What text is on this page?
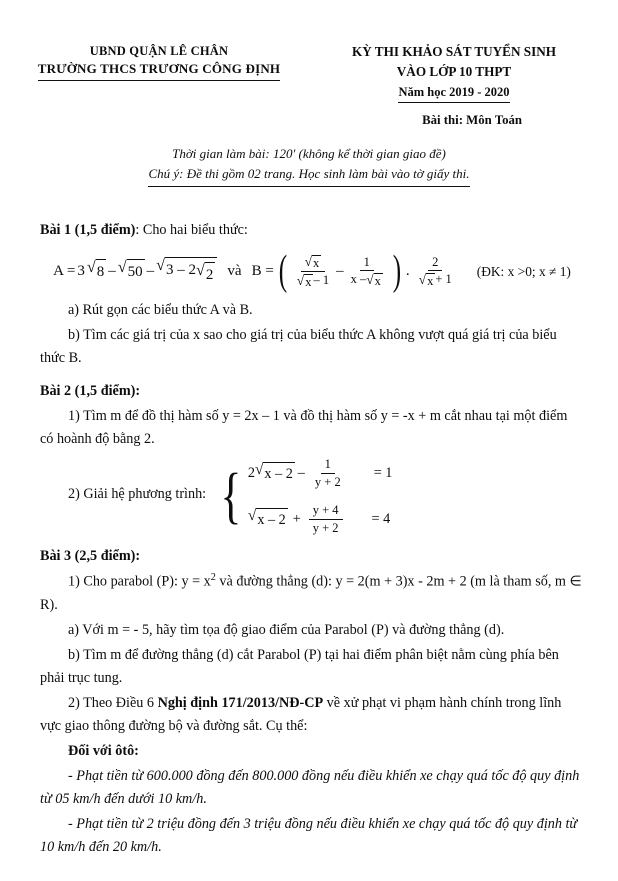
UBND QUẬN LÊ CHÂN
TRƯỜNG THCS TRƯƠNG CÔNG ĐỊNH
KỲ THI KHẢO SÁT TUYỂN SINH
VÀO LỚP 10 THPT
Năm học 2019 - 2020
Bài thi: Môn Toán
Thời gian làm bài: 120' (không kể thời gian giao đề)
Chú ý: Đề thi gồm 02 trang. Học sinh làm bài vào tờ giấy thi.
Bài 1 (1,5 điểm): Cho hai biểu thức:
A = 3 √ 8 – √ 50 – √ 3 – 2 √ 2 và B = ( $\frac{√ x}{√ x - 1} - \frac{1}{x - √ x}$ ) . $\frac{2}{√ x + 1}$ (ĐK: x >0; x ≠ 1)
a) Rút gọn các biểu thức A và B.
b) Tìm các giá trị của x sao cho giá trị của biểu thức A không vượt quá giá trị của biểu thức B.
Bài 2 (1,5 điểm):
1) Tìm m để đồ thị hàm số y = 2x – 1 và đồ thị hàm số y = -x + m cắt nhau tại một điểm có hoành độ bằng 2.
2) Giải hệ phương trình: { 2 √ $x - 2 - \frac{1}{y + 2} = 1$
√ $x - 2 + \frac{y + 4}{y + 2} = 4$
Bài 3 (2,5 điểm):
1) Cho parabol (P): $y = x^2$ và đường thẳng (d): y = 2(m + 3)x - 2m + 2 (m là tham số, m ∈ R).
a) Với m = - 5, hãy tìm tọa độ giao điểm của Parabol (P) và đường thẳng (d).
b) Tìm m để đường thẳng (d) cắt Parabol (P) tại hai điểm phân biệt nằm cùng phía bên phải trục tung.
2) Theo Điều 6 Nghị định 171/2013/NĐ-CP về xử phạt vi phạm hành chính trong lĩnh vực giao thông đường bộ và đường sắt. Cụ thể:
Đối với ôtô:
- Phạt tiền từ 600.000 đồng đến 800.000 đồng nếu điều khiển xe chạy quá tốc độ quy định từ 05 km/h đến dưới 10 km/h.
- Phạt tiền từ 2 triệu đồng đến 3 triệu đồng nếu điều khiển xe chạy quá tốc độ quy định từ 10 km/h đến 20 km/h.
